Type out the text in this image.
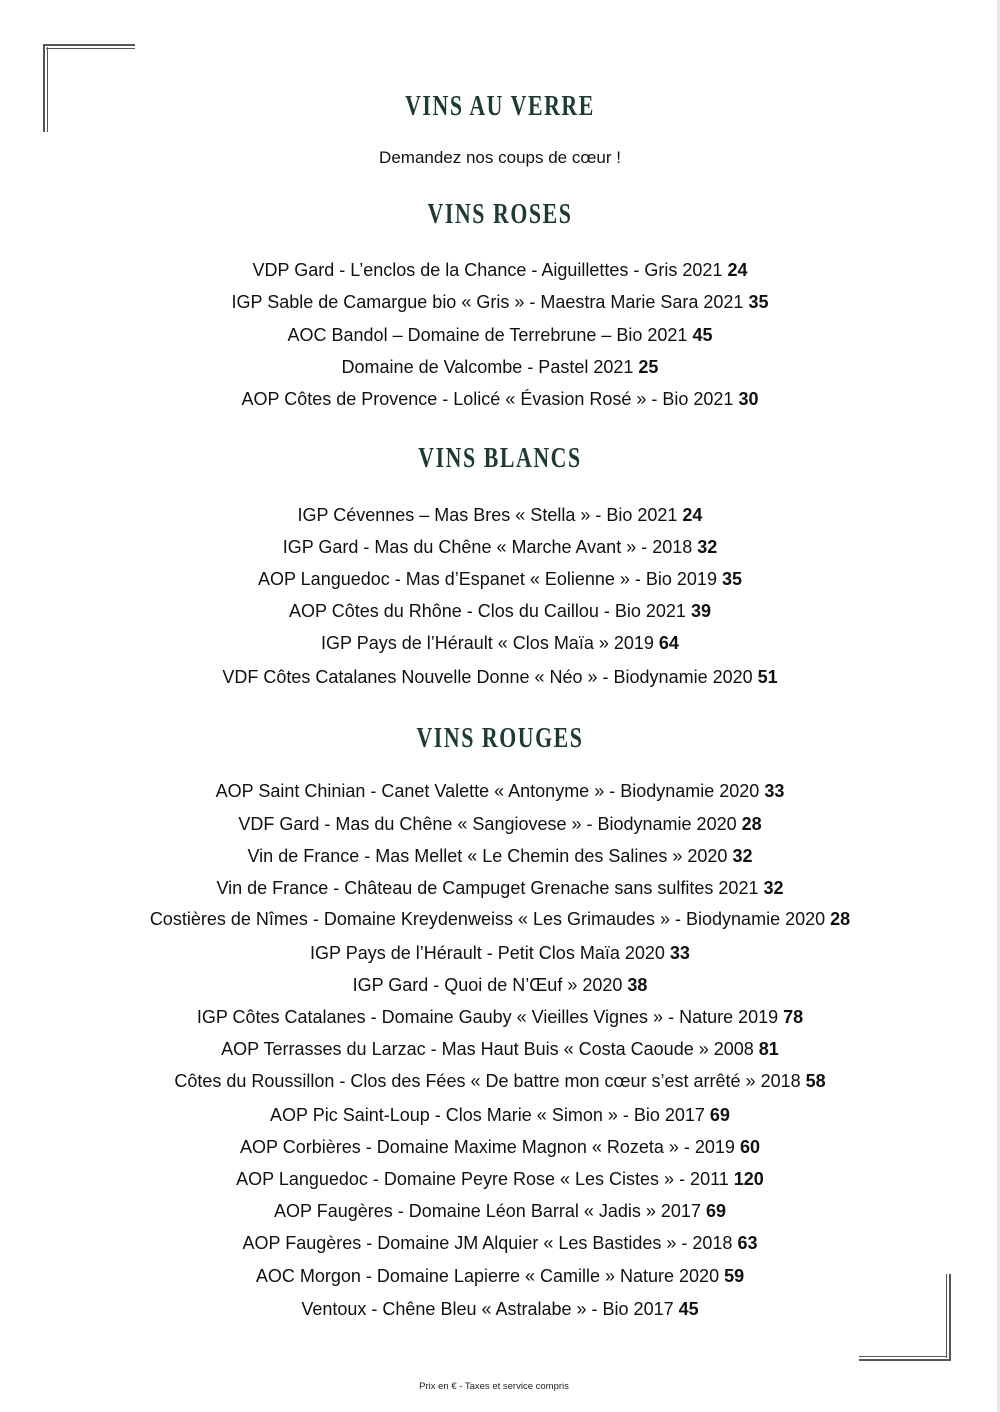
VINS AU VERRE
Demandez nos coups de cœur !
VINS ROSES
VINS BLANCS
VINS ROUGES
VDP Gard - L’enclos de la Chance - Aiguillettes - Gris 2021 24
IGP Sable de Camargue bio « Gris » - Maestra Marie Sara 2021 35
AOC Bandol – Domaine de Terrebrune – Bio 2021 45
Domaine de Valcombe - Pastel 2021 25
AOP Côtes de Provence - Lolicé « Évasion Rosé » - Bio 2021 30
IGP Cévennes – Mas Bres « Stella » - Bio 2021 24
IGP Gard - Mas du Chêne « Marche Avant » - 2018 32
AOP Languedoc - Mas d’Espanet « Eolienne » - Bio 2019 35
AOP Côtes du Rhône - Clos du Caillou - Bio 2021 39
IGP Pays de l’Hérault « Clos Maïa » 2019 64
VDF Côtes Catalanes Nouvelle Donne « Néo » - Biodynamie 2020 51
AOP Saint Chinian - Canet Valette « Antonyme » - Biodynamie 2020 33
VDF Gard - Mas du Chêne « Sangiovese » - Biodynamie 2020 28
Vin de France - Mas Mellet « Le Chemin des Salines » 2020 32
Vin de France - Château de Campuget Grenache sans sulfites 2021 32
Costières de Nîmes - Domaine Kreydenweiss « Les Grimaudes » - Biodynamie 2020 28
IGP Pays de l’Hérault - Petit Clos Maïa 2020 33
IGP Gard - Quoi de N’Œuf » 2020 38
IGP Côtes Catalanes - Domaine Gauby « Vieilles Vignes » - Nature 2019 78
AOP Terrasses du Larzac - Mas Haut Buis « Costa Caoude » 2008 81
Côtes du Roussillon - Clos des Fées « De battre mon cœur s’est arrêté » 2018 58
AOP Pic Saint-Loup - Clos Marie « Simon » - Bio 2017 69
AOP Corbières - Domaine Maxime Magnon « Rozeta » - 2019 60
AOP Languedoc - Domaine Peyre Rose « Les Cistes » - 2011 120
AOP Faugères - Domaine Léon Barral « Jadis » 2017 69
AOP Faugères - Domaine JM Alquier « Les Bastides » - 2018 63
AOC Morgon - Domaine Lapierre « Camille » Nature 2020 59
Ventoux - Chêne Bleu « Astralabe » - Bio 2017 45
Prix en € - Taxes et service compris
